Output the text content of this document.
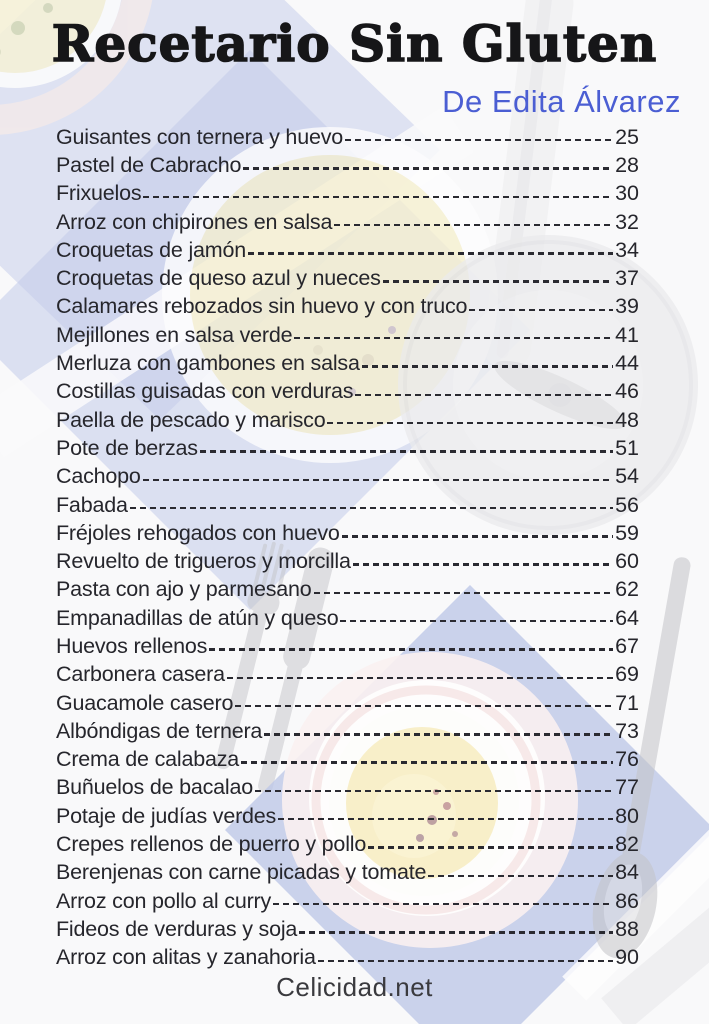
Recetario Sin Gluten
De Edita Álvarez
Guisantes con ternera y huevo	25
Pastel de Cabracho	28
Frixuelos	30
Arroz con chipirones en salsa	32
Croquetas de jamón	34
Croquetas de queso azul y nueces	37
Calamares rebozados sin huevo y con truco	39
Mejillones en salsa verde	41
Merluza con gambones en salsa	44
Costillas guisadas con verduras	46
Paella de pescado y marisco	48
Pote de berzas	51
Cachopo	54
Fabada	56
Fréjoles rehogados con huevo	59
Revuelto de trigueros y morcilla	60
Pasta con ajo y parmesano	62
Empanadillas de atún y queso	64
Huevos rellenos	67
Carbonera casera	69
Guacamole casero	71
Albóndigas de ternera	73
Crema de calabaza	76
Buñuelos de bacalao	77
Potaje de judías verdes	80
Crepes rellenos de puerro y pollo	82
Berenjenas con carne picadas y tomate	84
Arroz con pollo al curry	86
Fideos de verduras y soja	88
Arroz con alitas y zanahoria	90
Celicidad.net
